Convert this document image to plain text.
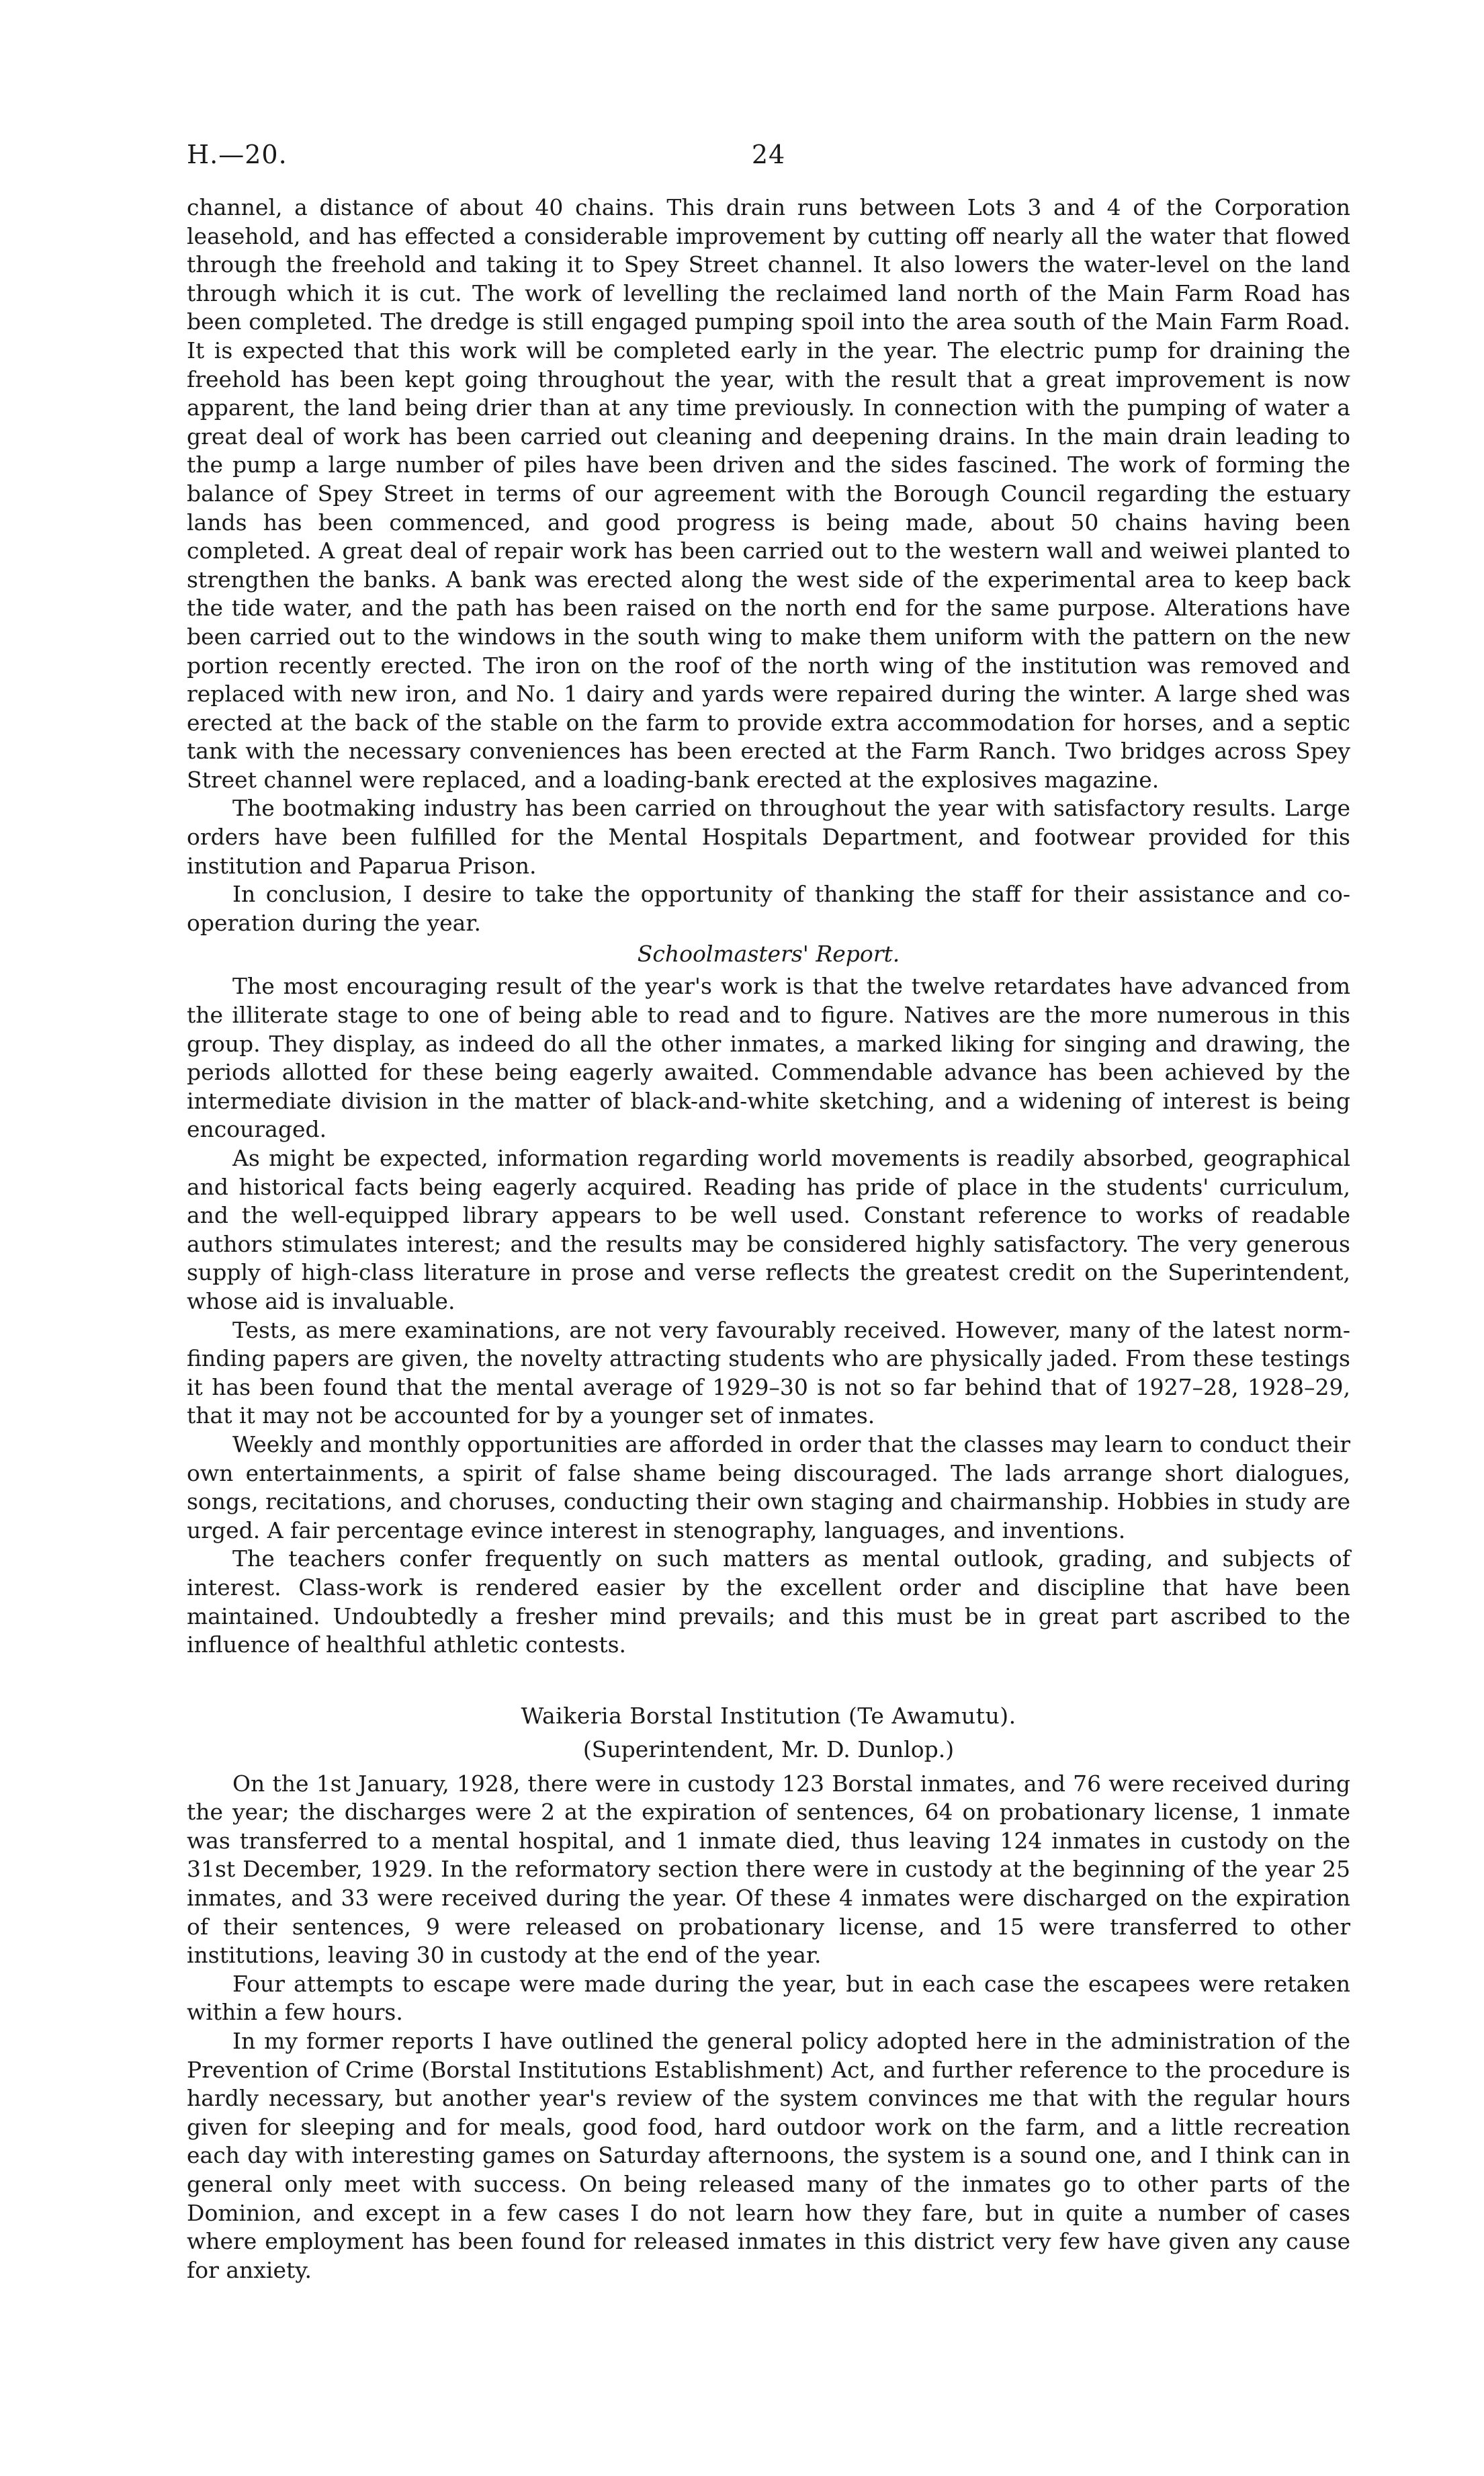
H.—20.	24

channel, a distance of about 40 chains. This drain runs between Lots 3 and 4 of the Corporation leasehold, and has effected a considerable improvement by cutting off nearly all the water that flowed through the freehold and taking it to Spey Street channel. It also lowers the water-level on the land through which it is cut. The work of levelling the reclaimed land north of the Main Farm Road has been completed. The dredge is still engaged pumping spoil into the area south of the Main Farm Road. It is expected that this work will be completed early in the year. The electric pump for draining the freehold has been kept going throughout the year, with the result that a great improvement is now apparent, the land being drier than at any time previously. In connection with the pumping of water a great deal of work has been carried out cleaning and deepening drains. In the main drain leading to the pump a large number of piles have been driven and the sides fascined. The work of forming the balance of Spey Street in terms of our agreement with the Borough Council regarding the estuary lands has been commenced, and good progress is being made, about 50 chains having been completed. A great deal of repair work has been carried out to the western wall and weiwei planted to strengthen the banks. A bank was erected along the west side of the experimental area to keep back the tide water, and the path has been raised on the north end for the same purpose. Alterations have been carried out to the windows in the south wing to make them uniform with the pattern on the new portion recently erected. The iron on the roof of the north wing of the institution was removed and replaced with new iron, and No. 1 dairy and yards were repaired during the winter. A large shed was erected at the back of the stable on the farm to provide extra accommodation for horses, and a septic tank with the necessary conveniences has been erected at the Farm Ranch. Two bridges across Spey Street channel were replaced, and a loading-bank erected at the explosives magazine.

The bootmaking industry has been carried on throughout the year with satisfactory results. Large orders have been fulfilled for the Mental Hospitals Department, and footwear provided for this institution and Paparua Prison.

In conclusion, I desire to take the opportunity of thanking the staff for their assistance and co-operation during the year.

Schoolmasters' Report.

The most encouraging result of the year's work is that the twelve retardates have advanced from the illiterate stage to one of being able to read and to figure. Natives are the more numerous in this group. They display, as indeed do all the other inmates, a marked liking for singing and drawing, the periods allotted for these being eagerly awaited. Commendable advance has been achieved by the intermediate division in the matter of black-and-white sketching, and a widening of interest is being encouraged.

As might be expected, information regarding world movements is readily absorbed, geographical and historical facts being eagerly acquired. Reading has pride of place in the students' curriculum, and the well-equipped library appears to be well used. Constant reference to works of readable authors stimulates interest; and the results may be considered highly satisfactory. The very generous supply of high-class literature in prose and verse reflects the greatest credit on the Superintendent, whose aid is invaluable.

Tests, as mere examinations, are not very favourably received. However, many of the latest norm-finding papers are given, the novelty attracting students who are physically jaded. From these testings it has been found that the mental average of 1929–30 is not so far behind that of 1927–28, 1928–29, that it may not be accounted for by a younger set of inmates.

Weekly and monthly opportunities are afforded in order that the classes may learn to conduct their own entertainments, a spirit of false shame being discouraged. The lads arrange short dialogues, songs, recitations, and choruses, conducting their own staging and chairmanship. Hobbies in study are urged. A fair percentage evince interest in stenography, languages, and inventions.

The teachers confer frequently on such matters as mental outlook, grading, and subjects of interest. Class-work is rendered easier by the excellent order and discipline that have been maintained. Undoubtedly a fresher mind prevails; and this must be in great part ascribed to the influence of healthful athletic contests.

Waikeria Borstal Institution (Te Awamutu).
(Superintendent, Mr. D. Dunlop.)

On the 1st January, 1928, there were in custody 123 Borstal inmates, and 76 were received during the year; the discharges were 2 at the expiration of sentences, 64 on probationary license, 1 inmate was transferred to a mental hospital, and 1 inmate died, thus leaving 124 inmates in custody on the 31st December, 1929. In the reformatory section there were in custody at the beginning of the year 25 inmates, and 33 were received during the year. Of these 4 inmates were discharged on the expiration of their sentences, 9 were released on probationary license, and 15 were transferred to other institutions, leaving 30 in custody at the end of the year.

Four attempts to escape were made during the year, but in each case the escapees were retaken within a few hours.

In my former reports I have outlined the general policy adopted here in the administration of the Prevention of Crime (Borstal Institutions Establishment) Act, and further reference to the procedure is hardly necessary, but another year's review of the system convinces me that with the regular hours given for sleeping and for meals, good food, hard outdoor work on the farm, and a little recreation each day with interesting games on Saturday afternoons, the system is a sound one, and I think can in general only meet with success. On being released many of the inmates go to other parts of the Dominion, and except in a few cases I do not learn how they fare, but in quite a number of cases where employment has been found for released inmates in this district very few have given any cause for anxiety.
